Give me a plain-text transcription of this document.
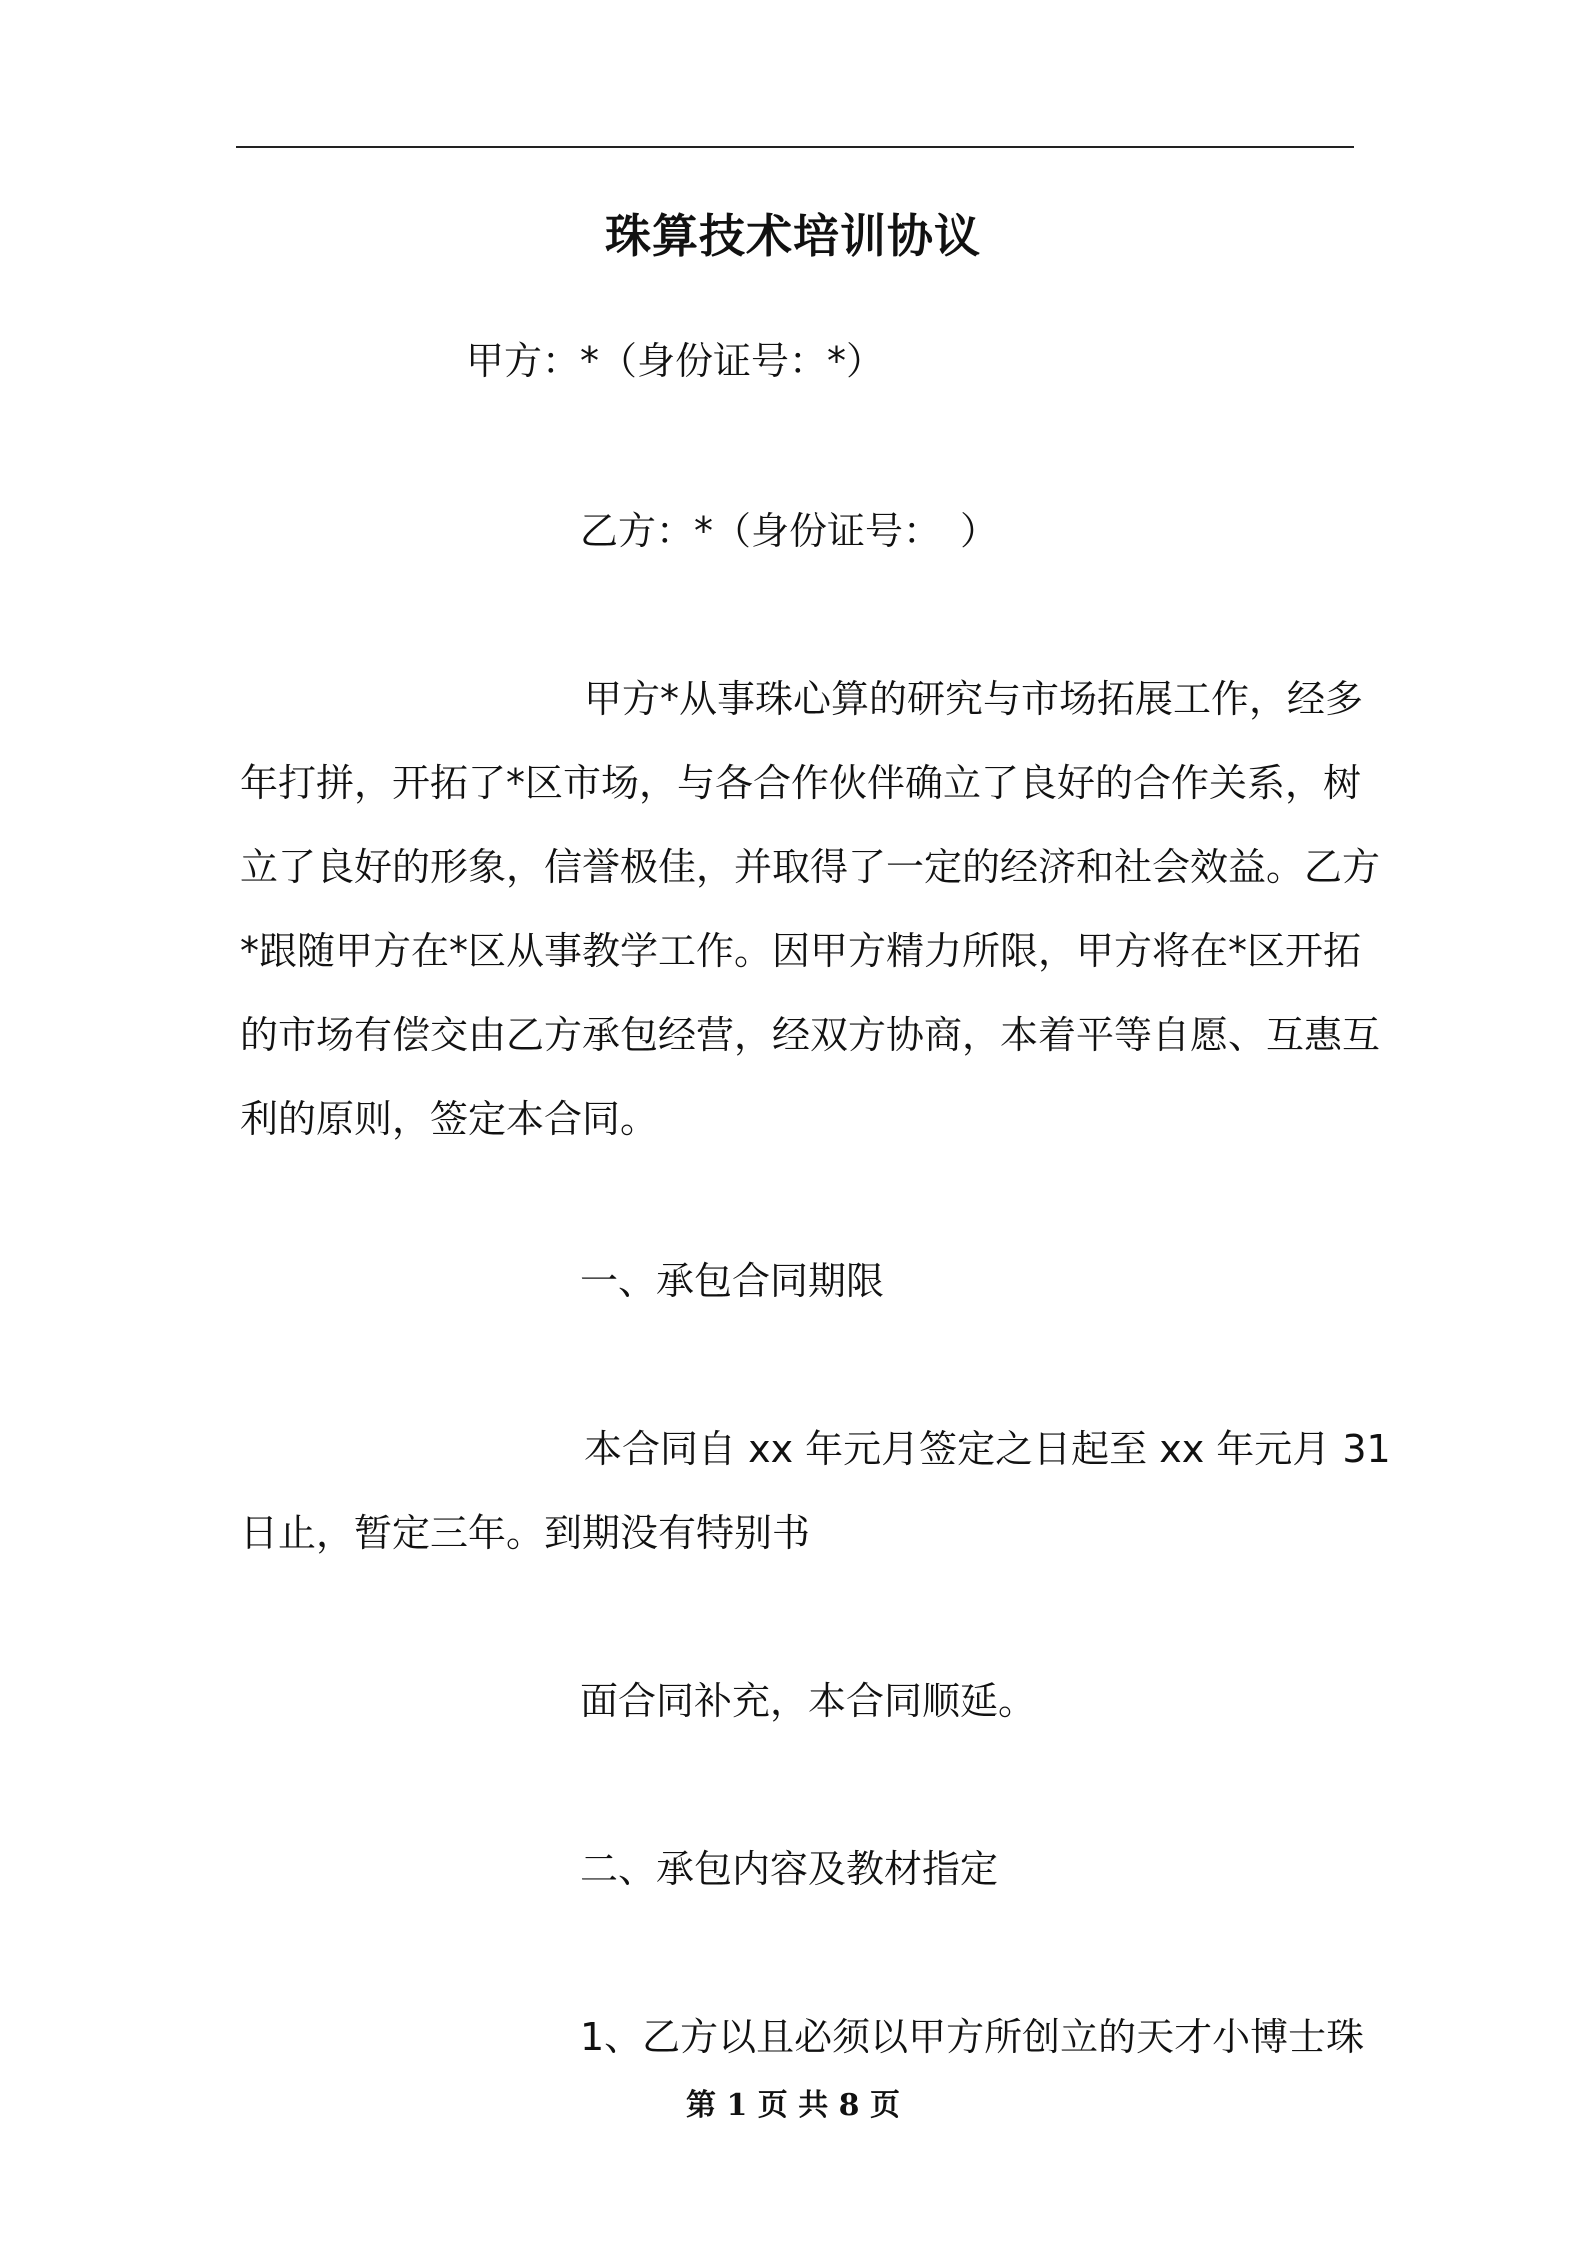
珠算技术培训协议
甲方：*（身份证号：*）
乙方：*（身份证号：　）
甲方*从事珠心算的研究与市场拓展工作，经多
年打拼，开拓了*区市场，与各合作伙伴确立了良好的合作关系，树
立了良好的形象，信誉极佳，并取得了一定的经济和社会效益。乙方
*跟随甲方在*区从事教学工作。因甲方精力所限，甲方将在*区开拓
的市场有偿交由乙方承包经营，经双方协商，本着平等自愿、互惠互
利的原则，签定本合同。
一、承包合同期限
本合同自 xx 年元月签定之日起至 xx 年元月 31
日止，暂定三年。到期没有特别书
面合同补充，本合同顺延。
二、承包内容及教材指定
1、乙方以且必须以甲方所创立的天才小博士珠
第 1 页 共 8 页
